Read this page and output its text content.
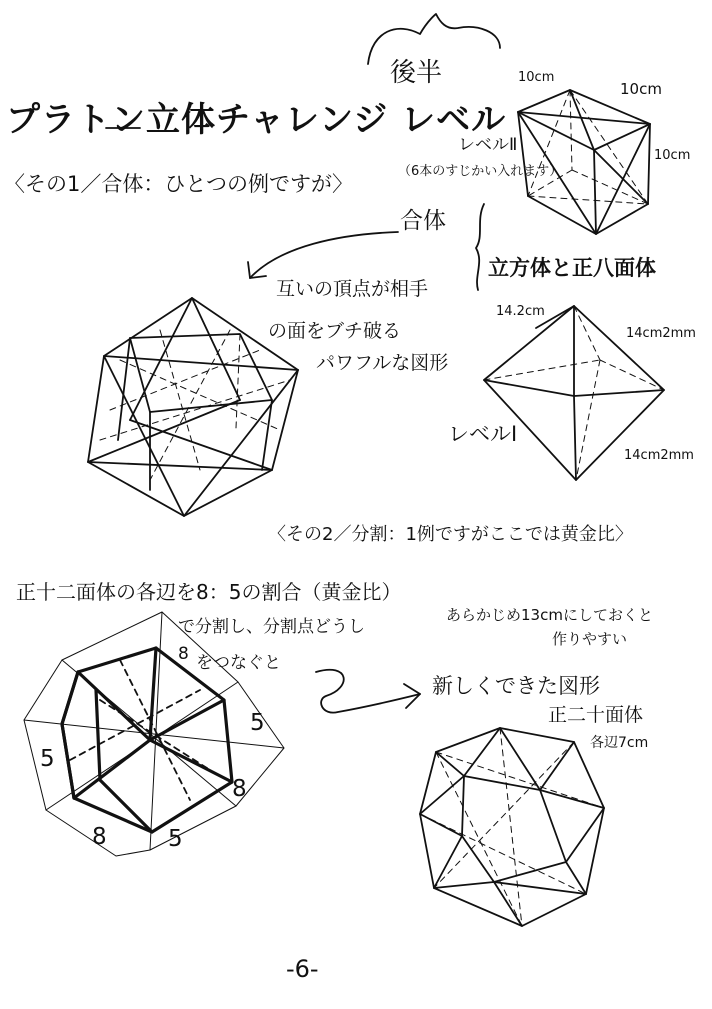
後半
プラトン立体チャレンジ レベル
〈その1／合体：ひとつの例ですが〉
（6本のすじかい入れます）
10cm
10cm
10cm
レベルⅡ
合体
立方体と正八面体
互いの頂点が相手
の面をブチ破る
パワフルな図形
14.2cm
14cm2mm
14cm2mm
レベルⅠ
〈その2／分割：1例ですがここでは黄金比〉
正十二面体の各辺を8：5の割合（黄金比）
で分割し、分割点どうし
をつなぐと
あらかじめ13cmにしておくと
作りやすい
5
8	5
8
5
8
新しくできた図形
正二十面体
各辺7cm
-6-
